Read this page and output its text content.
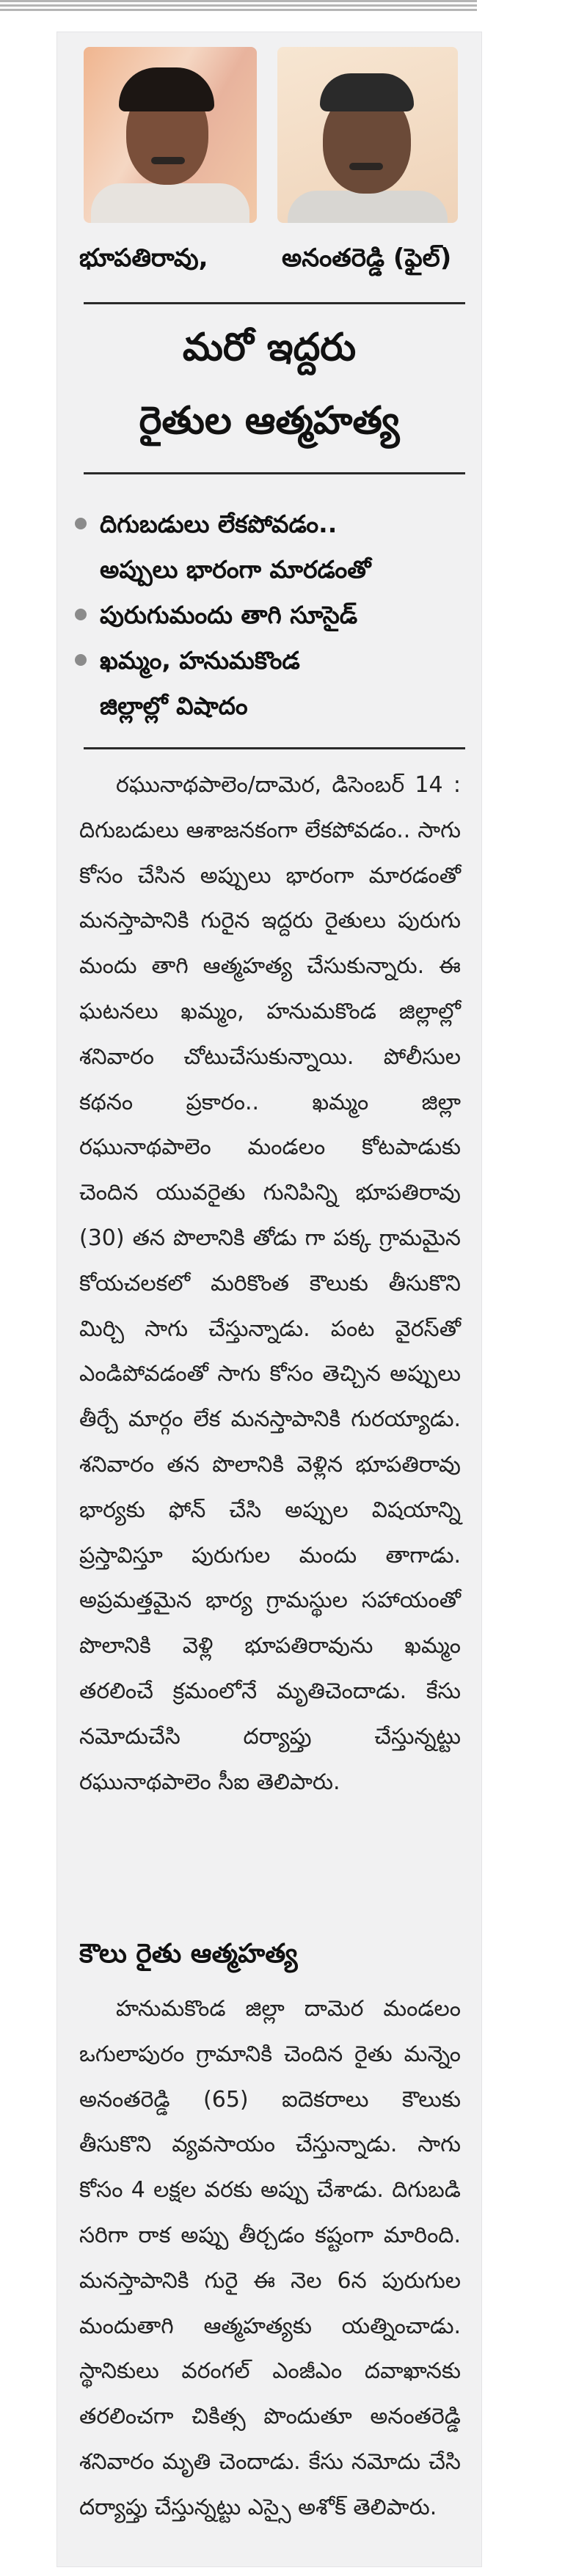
భూపతిరావు,	అనంతరెడ్డి (ఫైల్)
మరో ఇద్దరు
రైతుల ఆత్మహత్య
దిగుబడులు లేకపోవడం..
అప్పులు భారంగా మారడంతో
పురుగుమందు తాగి సూసైడ్
ఖమ్మం, హనుమకొండ
జిల్లాల్లో విషాదం
రఘునాథపాలెం/దామెర, డిసెంబర్ 14 : దిగుబడులు ఆశాజనకంగా లేకపోవడం.. సాగు కోసం చేసిన అప్పులు భారంగా మారడంతో మనస్తాపానికి గురైన ఇద్దరు రైతులు పురుగు మందు తాగి ఆత్మహత్య చేసుకున్నారు. ఈ ఘటనలు ఖమ్మం, హనుమకొండ జిల్లాల్లో శనివారం చోటుచేసుకున్నాయి. పోలీసుల కథనం ప్రకారం.. ఖమ్మం జిల్లా రఘునాథపాలెం మండలం కోటపాడుకు చెందిన యువరైతు గునిపిన్ని భూపతిరావు (30) తన పొలానికి తోడు గా పక్క గ్రామమైన కోయచలకలో మరికొంత కౌలుకు తీసుకొని మిర్చి సాగు చేస్తున్నాడు. పంట వైరస్‌తో ఎండిపోవడంతో సాగు కోసం తెచ్చిన అప్పులు తీర్చే మార్గం లేక మనస్తాపానికి గురయ్యాడు. శనివారం తన పొలానికి వెళ్లిన భూపతిరావు భార్యకు ఫోన్ చేసి అప్పుల విషయాన్ని ప్రస్తావిస్తూ పురుగుల మందు తాగాడు. అప్రమత్తమైన భార్య గ్రామస్థుల సహాయంతో పొలానికి వెళ్లి భూపతిరావును ఖమ్మం తరలించే క్రమంలోనే మృతిచెందాడు. కేసు నమోదుచేసి దర్యాప్తు చేస్తున్నట్టు రఘునాథపాలెం సీఐ తెలిపారు.
కౌలు రైతు ఆత్మహత్య
హనుమకొండ జిల్లా దామెర మండలం ఒగులాపురం గ్రామానికి చెందిన రైతు మన్నెం అనంతరెడ్డి (65) ఐదెకరాలు కౌలుకు తీసుకొని వ్యవసాయం చేస్తున్నాడు. సాగు కోసం 4 లక్షల వరకు అప్పు చేశాడు. దిగుబడి సరిగా రాక అప్పు తీర్చడం కష్టంగా మారింది. మనస్తాపానికి గురై ఈ నెల 6న పురుగుల మందుతాగి ఆత్మహత్యకు యత్నించాడు. స్థానికులు వరంగల్ ఎంజీఎం దవాఖానకు తరలించగా చికిత్స పొందుతూ అనంతరెడ్డి శనివారం మృతి చెందాడు. కేసు నమోదు చేసి దర్యాప్తు చేస్తున్నట్టు ఎస్సై అశోక్ తెలిపారు.
